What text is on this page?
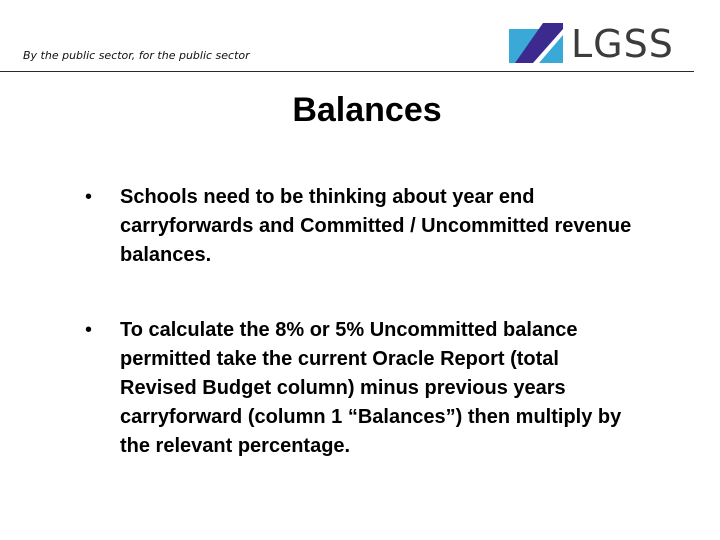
By the public sector, for the public sector	LGSS
Balances
• Schools need to be thinking about year end carryforwards and Committed / Uncommitted revenue balances.
• To calculate the 8% or 5% Uncommitted balance permitted take the current Oracle Report (total Revised Budget column) minus previous years carryforward (column 1 “Balances”) then multiply by the relevant percentage.
